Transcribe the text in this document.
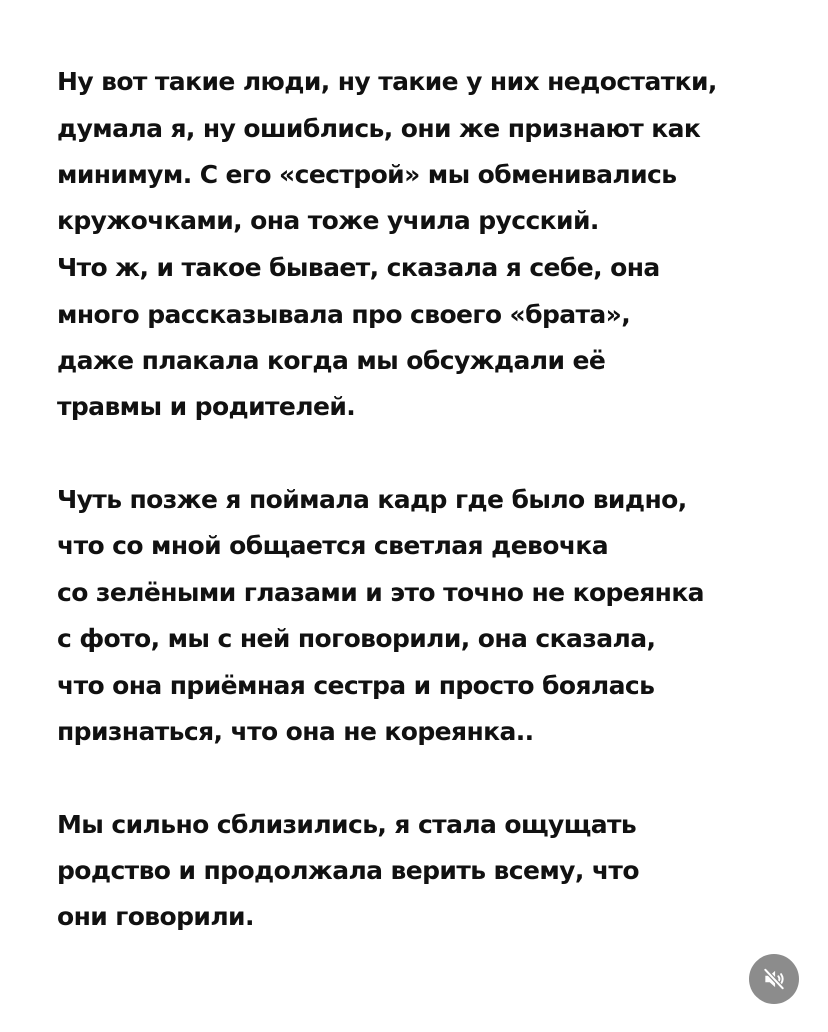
Ну вот такие люди, ну такие у них недостатки,

думала я, ну ошиблись, они же признают как

минимум. С его «сестрой» мы обменивались

кружочками, она тоже учила русский.

Что ж, и такое бывает, сказала я себе, она

много рассказывала про своего «брата»,

даже плакала когда мы обсуждали её

травмы и родителей.

Чуть позже я поймала кадр где было видно,

что со мной общается светлая девочка

со зелёными глазами и это точно не кореянка

с фото, мы с ней поговорили, она сказала,

что она приёмная сестра и просто боялась

признаться, что она не кореянка..

Мы сильно сблизились, я стала ощущать

родство и продолжала верить всему, что

они говорили.
